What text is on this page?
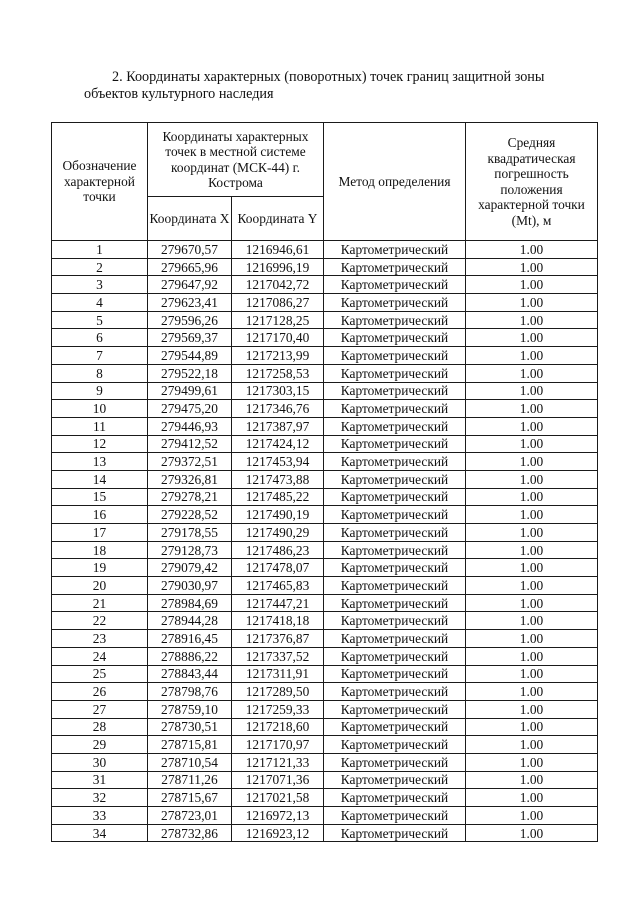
2. Координаты характерных (поворотных) точек границ защитной зоны
объектов культурного наследия
Обозначение характерной точки	Координаты характерных точек в местной системе координат (МСК-44) г. Кострома		Метод определения	Средняя квадратическая погрешность положения характерной точки (Mt), м
	Координата X	Координата Y		
1	279670,57	1216946,61	Картометрический	1.00
2	279665,96	1216996,19	Картометрический	1.00
3	279647,92	1217042,72	Картометрический	1.00
4	279623,41	1217086,27	Картометрический	1.00
5	279596,26	1217128,25	Картометрический	1.00
6	279569,37	1217170,40	Картометрический	1.00
7	279544,89	1217213,99	Картометрический	1.00
8	279522,18	1217258,53	Картометрический	1.00
9	279499,61	1217303,15	Картометрический	1.00
10	279475,20	1217346,76	Картометрический	1.00
11	279446,93	1217387,97	Картометрический	1.00
12	279412,52	1217424,12	Картометрический	1.00
13	279372,51	1217453,94	Картометрический	1.00
14	279326,81	1217473,88	Картометрический	1.00
15	279278,21	1217485,22	Картометрический	1.00
16	279228,52	1217490,19	Картометрический	1.00
17	279178,55	1217490,29	Картометрический	1.00
18	279128,73	1217486,23	Картометрический	1.00
19	279079,42	1217478,07	Картометрический	1.00
20	279030,97	1217465,83	Картометрический	1.00
21	278984,69	1217447,21	Картометрический	1.00
22	278944,28	1217418,18	Картометрический	1.00
23	278916,45	1217376,87	Картометрический	1.00
24	278886,22	1217337,52	Картометрический	1.00
25	278843,44	1217311,91	Картометрический	1.00
26	278798,76	1217289,50	Картометрический	1.00
27	278759,10	1217259,33	Картометрический	1.00
28	278730,51	1217218,60	Картометрический	1.00
29	278715,81	1217170,97	Картометрический	1.00
30	278710,54	1217121,33	Картометрический	1.00
31	278711,26	1217071,36	Картометрический	1.00
32	278715,67	1217021,58	Картометрический	1.00
33	278723,01	1216972,13	Картометрический	1.00
34	278732,86	1216923,12	Картометрический	1.00
